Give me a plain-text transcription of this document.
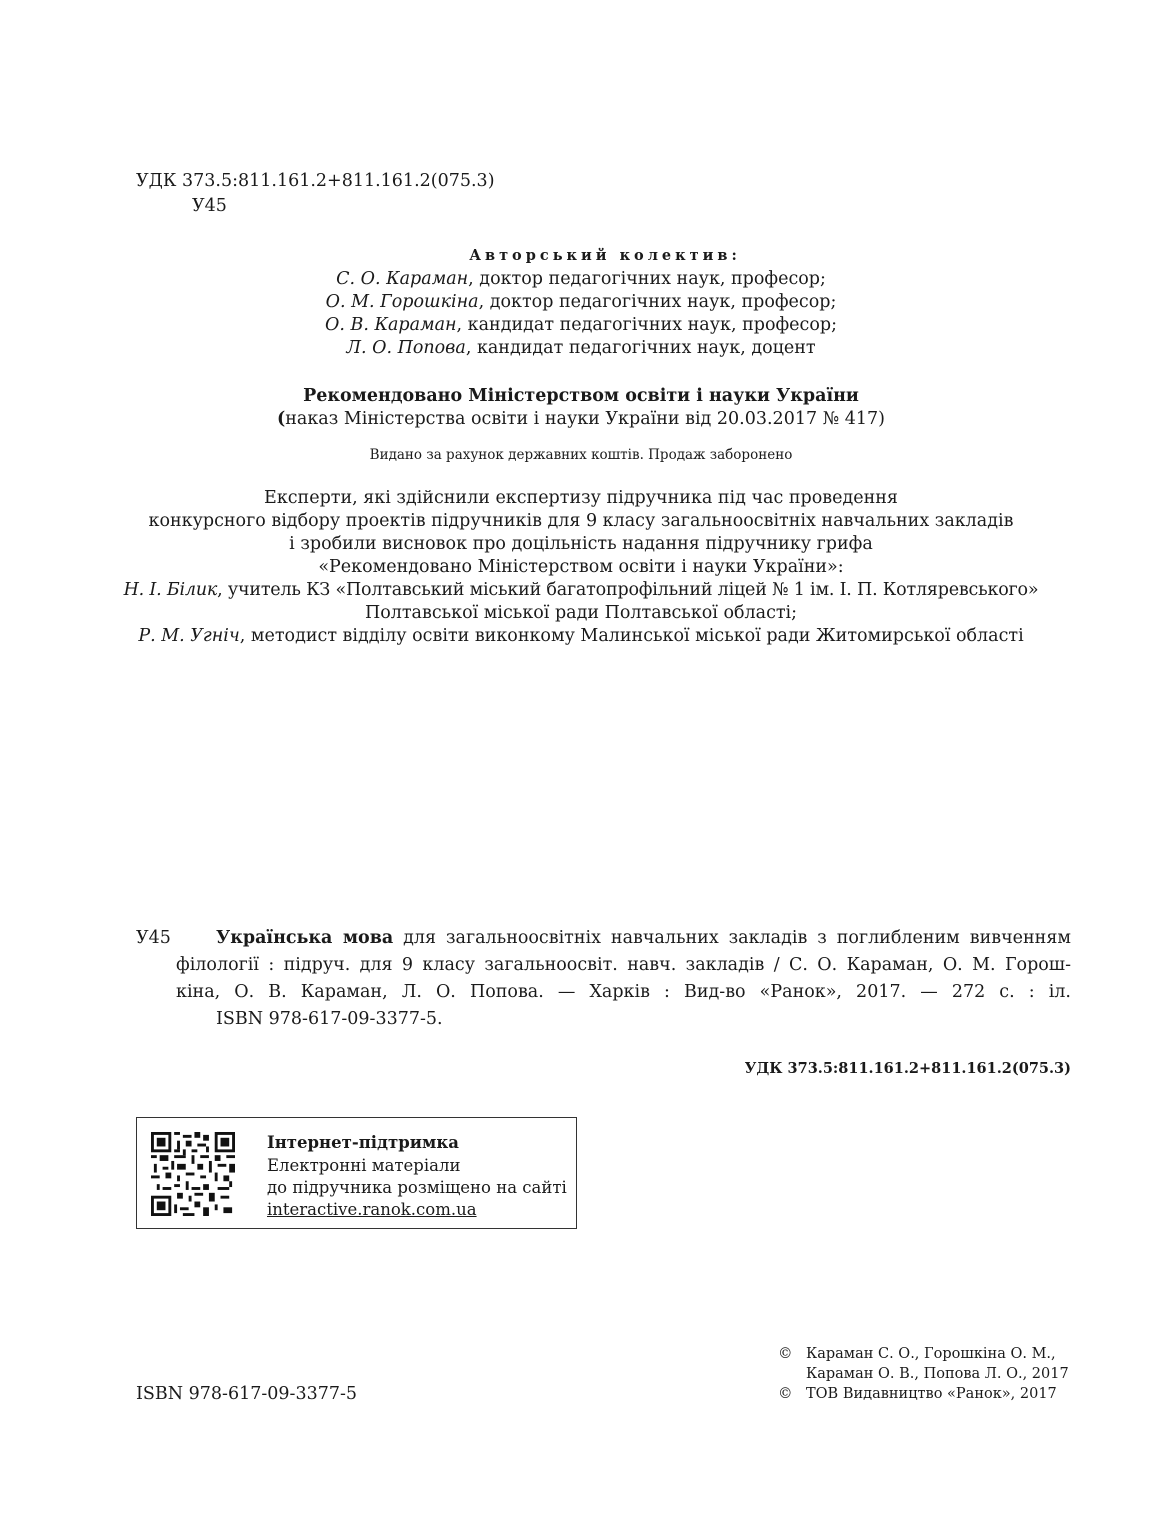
УДК 373.5:811.161.2+811.161.2(075.3)
У45
Авторський колектив:
С. О. Караман, доктор педагогічних наук, професор;
О. М. Горошкіна, доктор педагогічних наук, професор;
О. В. Караман, кандидат педагогічних наук, професор;
Л. О. Попова, кандидат педагогічних наук, доцент
Рекомендовано Міністерством освіти і науки України
(наказ Міністерства освіти і науки України від 20.03.2017 № 417)
Видано за рахунок державних коштів. Продаж заборонено
Експерти, які здійснили експертизу підручника під час проведення
конкурсного відбору проектів підручників для 9 класу загальноосвітніх навчальних закладів
і зробили висновок про доцільність надання підручнику грифа
«Рекомендовано Міністерством освіти і науки України»:
Н. І. Білик, учитель КЗ «Полтавський міський багатопрофільний ліцей № 1 ім. І. П. Котляревського»
Полтавської міської ради Полтавської області;
Р. М. Угніч, методист відділу освіти виконкому Малинської міської ради Житомирської області
У45	Українська мова для загальноосвітніх навчальних закладів з поглибленим вивченням
філології : підруч. для 9 класу загальноосвіт. навч. закладів / С. О. Караман, О. М. Горош-
кіна, О. В. Караман, Л. О. Попова. — Харків : Вид-во «Ранок», 2017. — 272 с. : іл.
ISBN 978-617-09-3377-5.
УДК 373.5:811.161.2+811.161.2(075.3)
Інтернет-підтримка
Електронні матеріали
до підручника розміщено на сайті
interactive.ranok.com.ua
ISBN 978-617-09-3377-5
© Караман С. О., Горошкіна О. М.,
Караман О. В., Попова Л. О., 2017
© ТОВ Видавництво «Ранок», 2017
